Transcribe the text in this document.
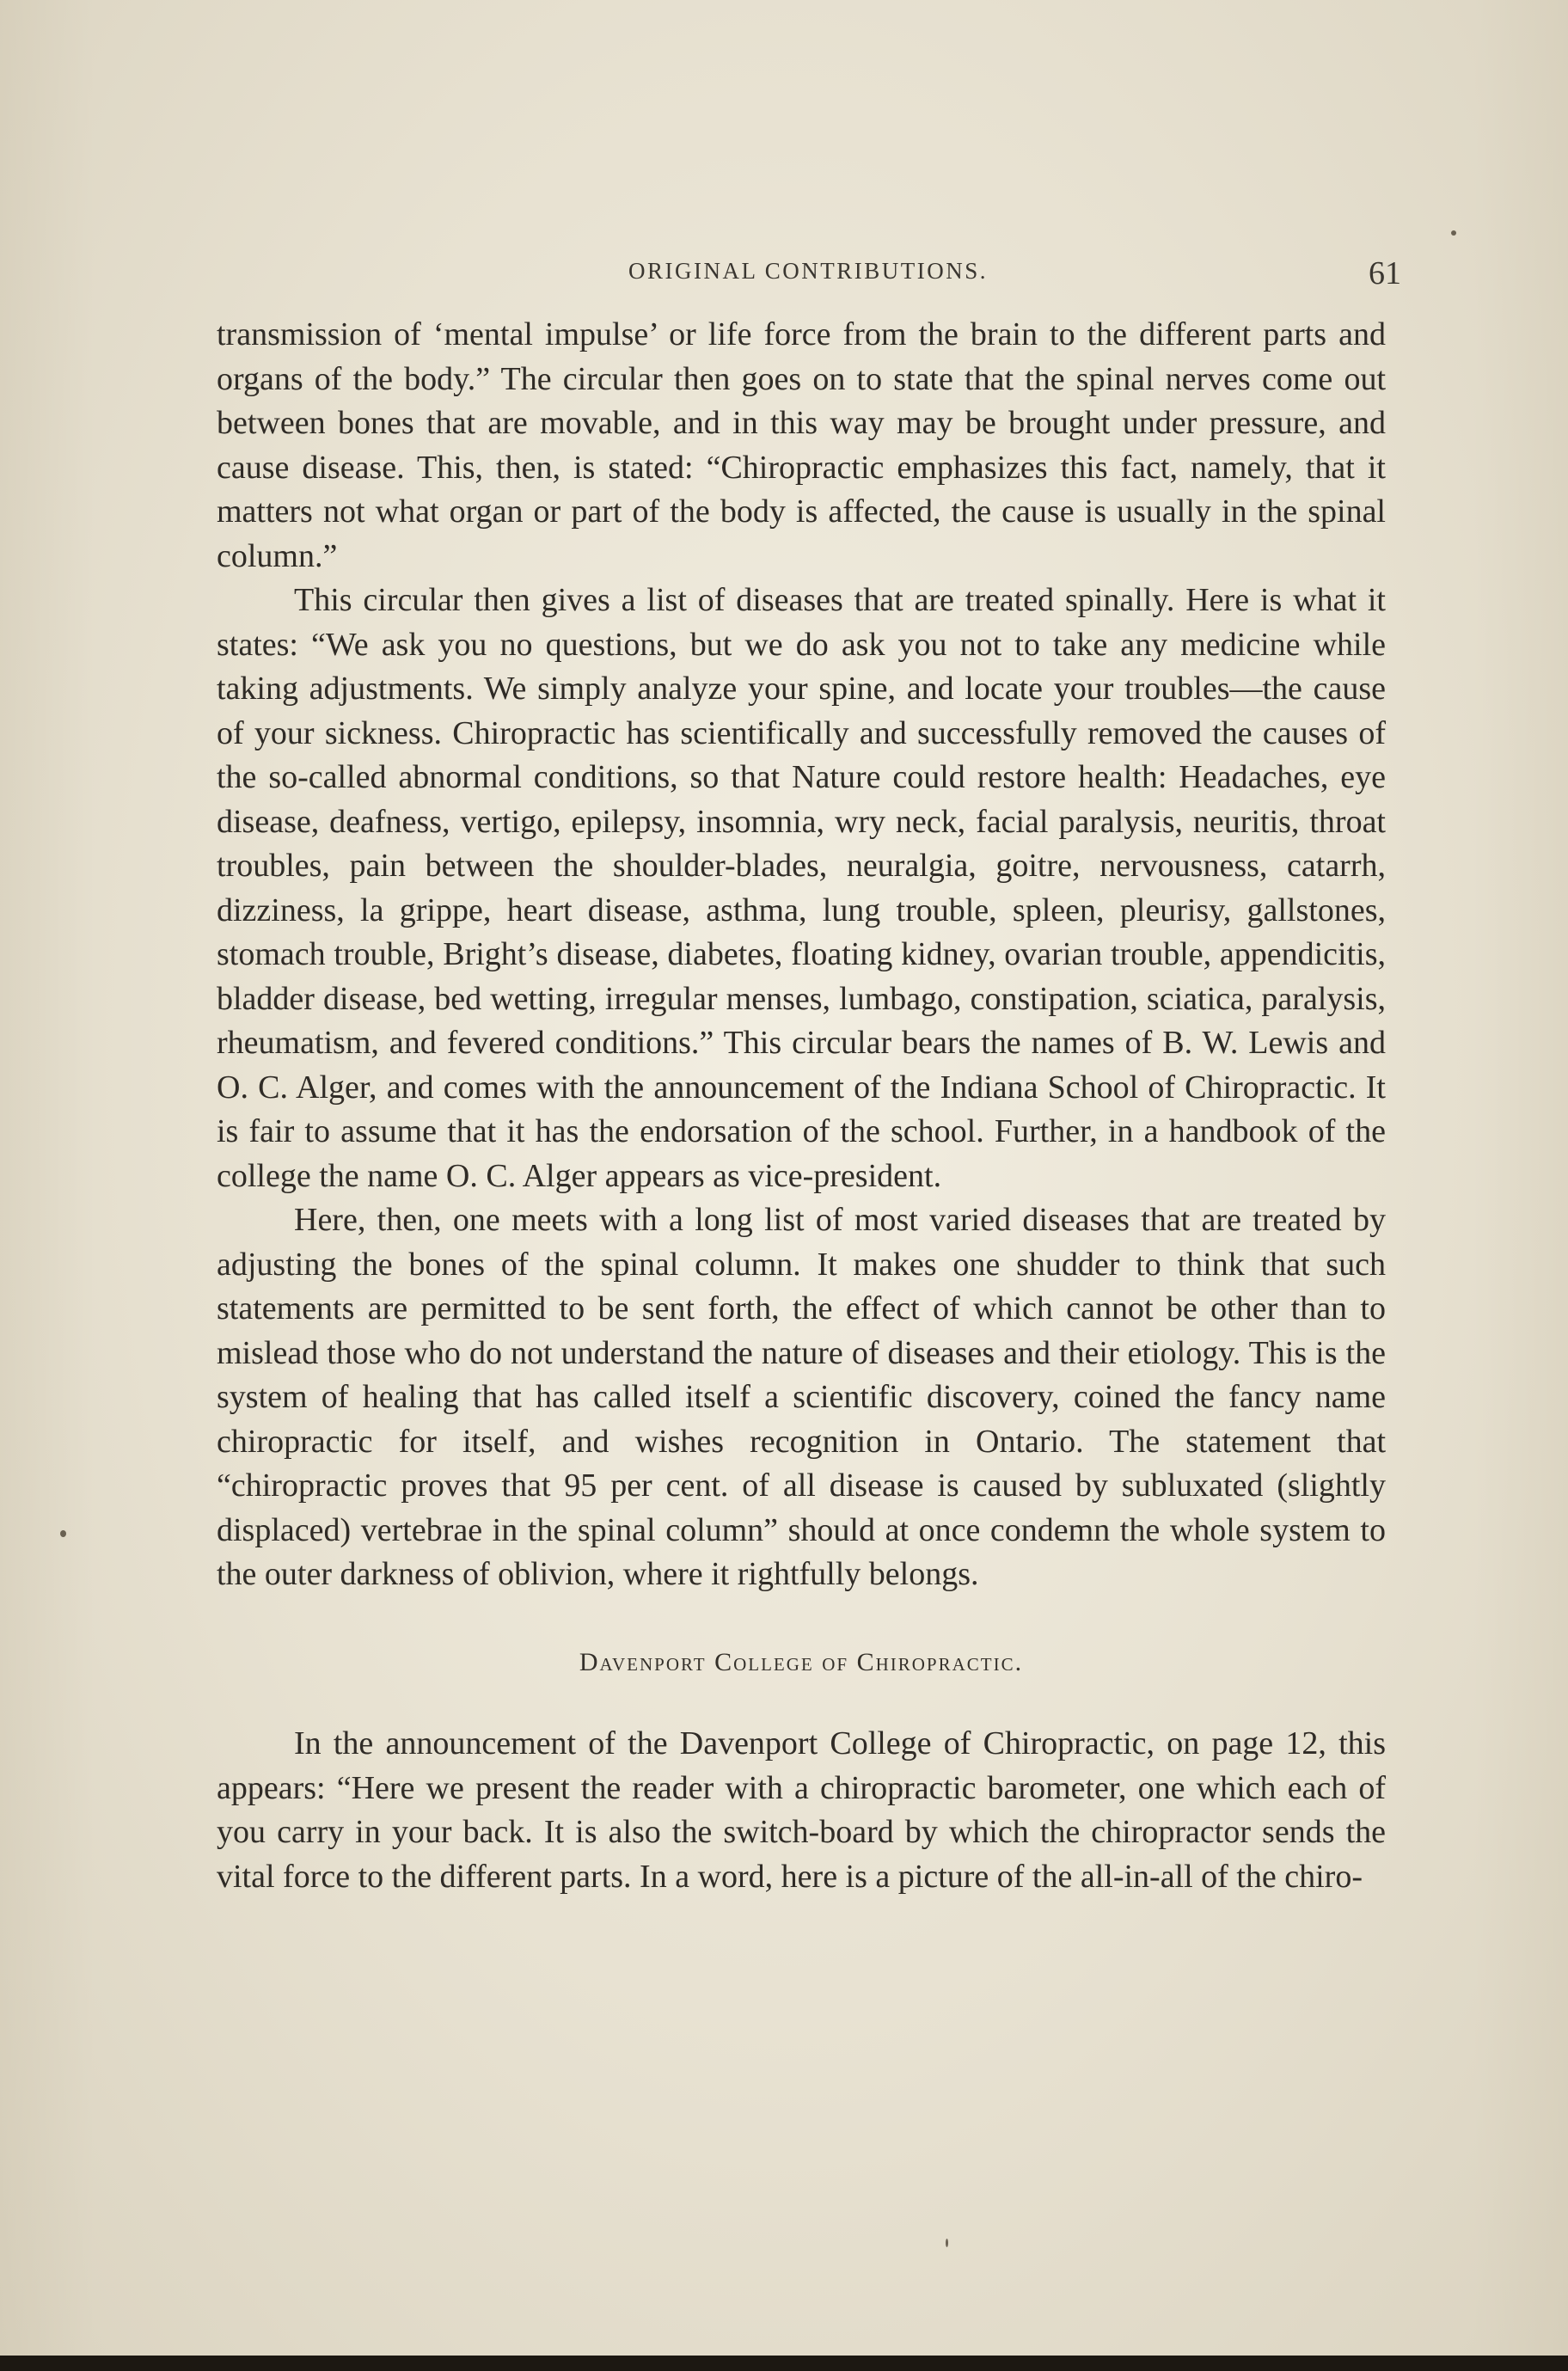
ORIGINAL CONTRIBUTIONS.	61

transmission of ‘mental impulse’ or life force from the brain to the different parts and organs of the body.” The circular then goes on to state that the spinal nerves come out between bones that are movable, and in this way may be brought under pressure, and cause disease. This, then, is stated: “Chiropractic emphasizes this fact, namely, that it matters not what organ or part of the body is affected, the cause is usually in the spinal column.”

This circular then gives a list of diseases that are treated spinally. Here is what it states: “We ask you no questions, but we do ask you not to take any medicine while taking adjustments. We simply analyze your spine, and locate your troubles—the cause of your sickness. Chiropractic has scientifically and successfully removed the causes of the so-called abnormal conditions, so that Nature could restore health: Headaches, eye disease, deafness, vertigo, epilepsy, insomnia, wry neck, facial paralysis, neuritis, throat troubles, pain between the shoulder-blades, neuralgia, goitre, nervousness, catarrh, dizziness, la grippe, heart disease, asthma, lung trouble, spleen, pleurisy, gallstones, stomach trouble, Bright’s disease, diabetes, floating kidney, ovarian trouble, appendicitis, bladder disease, bed wetting, irregular menses, lumbago, constipation, sciatica, paralysis, rheumatism, and fevered conditions.” This circular bears the names of B. W. Lewis and O. C. Alger, and comes with the announcement of the Indiana School of Chiropractic. It is fair to assume that it has the endorsation of the school. Further, in a handbook of the college the name O. C. Alger appears as vice-president.

Here, then, one meets with a long list of most varied diseases that are treated by adjusting the bones of the spinal column. It makes one shudder to think that such statements are permitted to be sent forth, the effect of which cannot be other than to mislead those who do not understand the nature of diseases and their etiology. This is the system of healing that has called itself a scientific discovery, coined the fancy name chiropractic for itself, and wishes recognition in Ontario. The statement that “chiropractic proves that 95 per cent. of all disease is caused by subluxated (slightly displaced) vertebrae in the spinal column” should at once condemn the whole system to the outer darkness of oblivion, where it rightfully belongs.

Davenport College of Chiropractic.

In the announcement of the Davenport College of Chiropractic, on page 12, this appears: “Here we present the reader with a chiropractic barometer, one which each of you carry in your back. It is also the switch-board by which the chiropractor sends the vital force to the different parts. In a word, here is a picture of the all-in-all of the chiro-
